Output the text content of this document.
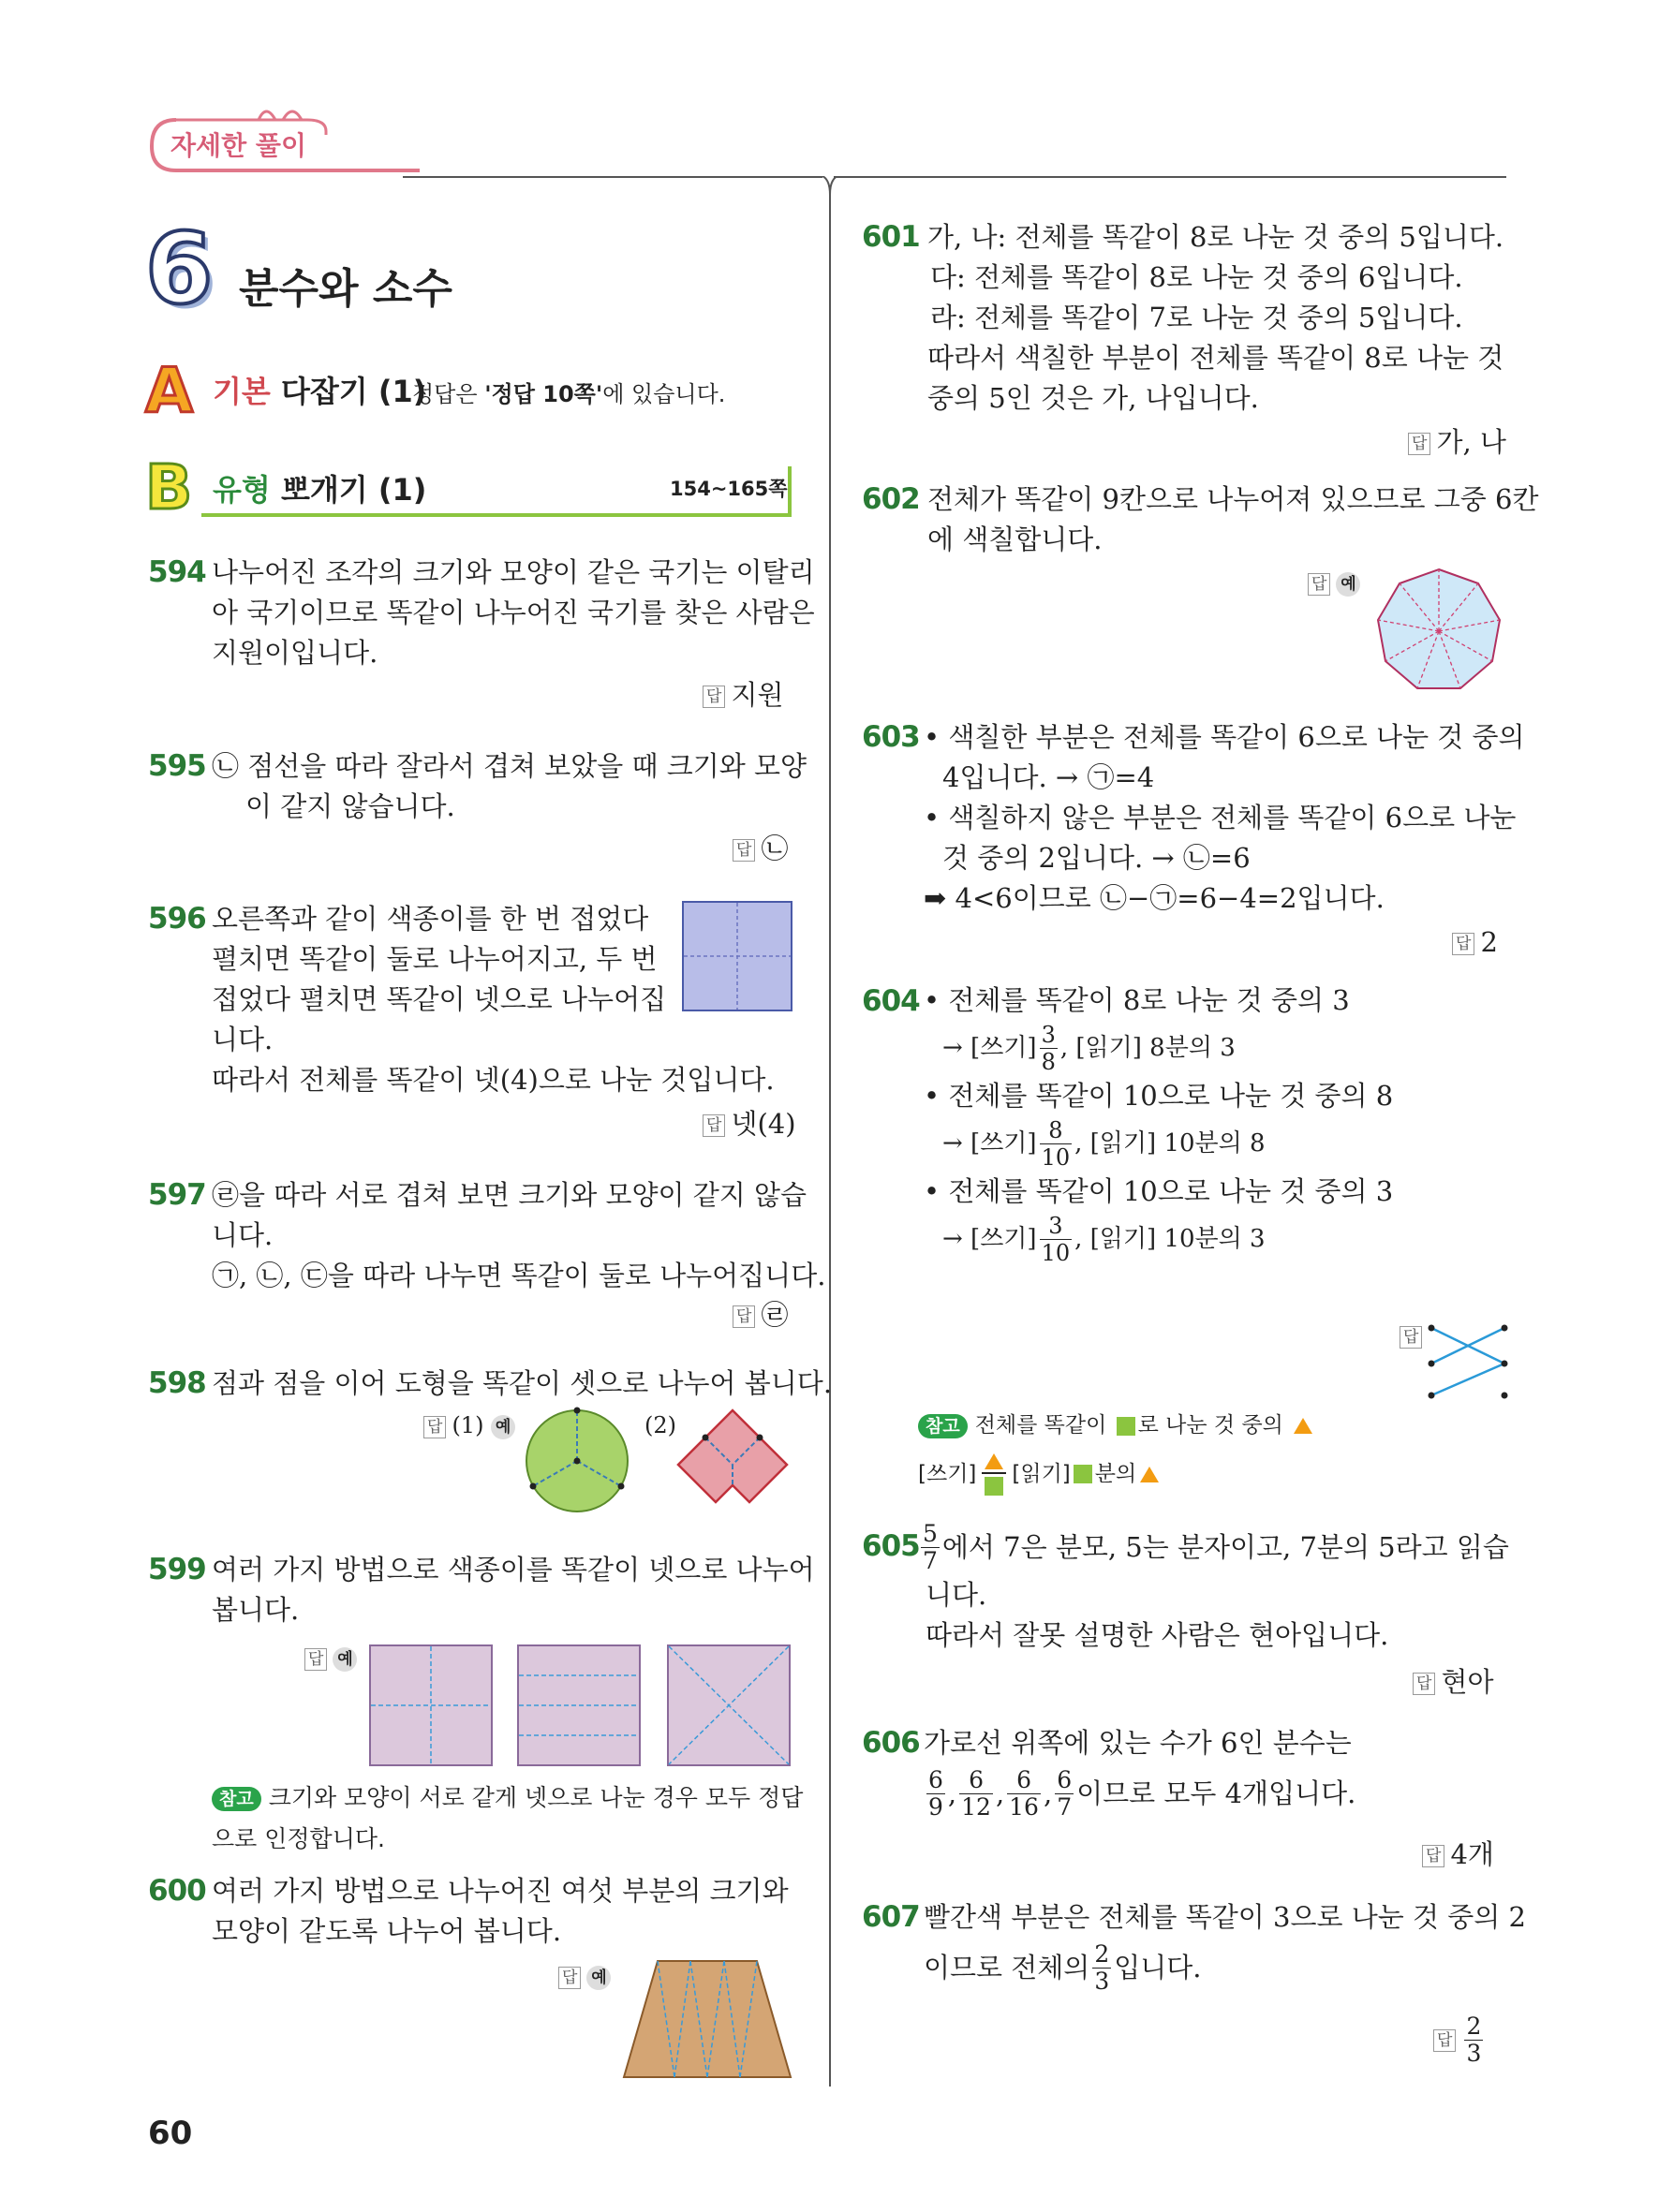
자세한 풀이
6 분수와 소수
A 기본 다잡기 (1)
정답은 '정답 10쪽'에 있습니다.
B 유형 뽀개기 (1)	154~165쪽
594 나누어진 조각의 크기와 모양이 같은 국기는 이탈리
아 국기이므로 똑같이 나누어진 국기를 찾은 사람은
지원이입니다.
답 지원
595 ㉡ 점선을 따라 잘라서 겹쳐 보았을 때 크기와 모양
이 같지 않습니다.
답 ㉡
596 오른쪽과 같이 색종이를 한 번 접었다
펼치면 똑같이 둘로 나누어지고, 두 번
접었다 펼치면 똑같이 넷으로 나누어집
니다.
따라서 전체를 똑같이 넷(4)으로 나눈 것입니다.
답 넷(4)
597 ㉣을 따라 서로 겹쳐 보면 크기와 모양이 같지 않습
니다.
㉠, ㉡, ㉢을 따라 나누면 똑같이 둘로 나누어집니다.
답 ㉣
598 점과 점을 이어 도형을 똑같이 셋으로 나누어 봅니다.
답 (1) 예	(2)
599 여러 가지 방법으로 색종이를 똑같이 넷으로 나누어
봅니다.
답 예
참고 크기와 모양이 서로 같게 넷으로 나눈 경우 모두 정답
으로 인정합니다.
600 여러 가지 방법으로 나누어진 여섯 부분의 크기와
모양이 같도록 나누어 봅니다.
답 예
60
601 가, 나: 전체를 똑같이 8로 나눈 것 중의 5입니다.
다: 전체를 똑같이 8로 나눈 것 중의 6입니다.
라: 전체를 똑같이 7로 나눈 것 중의 5입니다.
따라서 색칠한 부분이 전체를 똑같이 8로 나눈 것
중의 5인 것은 가, 나입니다.
답 가, 나
602 전체가 똑같이 9칸으로 나누어져 있으므로 그중 6칸
에 색칠합니다.
답 예
603 • 색칠한 부분은 전체를 똑같이 6으로 나눈 것 중의
4입니다. → ㉠=4
• 색칠하지 않은 부분은 전체를 똑같이 6으로 나눈
것 중의 2입니다. → ㉡=6
➡ 4<6이므로 ㉡−㉠=6−4=2입니다.
답 2
604 • 전체를 똑같이 8로 나눈 것 중의 3
→ [쓰기] $\frac{3}{8}$ , [읽기] 8분의 3
• 전체를 똑같이 10으로 나눈 것 중의 8
→ [쓰기] $\frac{8}{10}$ , [읽기] 10분의 8
• 전체를 똑같이 10으로 나눈 것 중의 3
→ [쓰기] $\frac{3}{10}$ , [읽기] 10분의 3
답
참고 전체를 똑같이 로 나눈 것 중의
[쓰기] [읽기] 분의
$605 \frac{5}{7}$ 에서 7은 분모, 5는 분자이고, 7분의 5라고 읽습
니다.
따라서 잘못 설명한 사람은 현아입니다.
답 현아
606 가로선 위쪽에 있는 수가 6인 분수는
$\frac{6}{9}$ , $\frac{6}{12}$ , $\frac{6}{16}$ , $\frac{6}{7}$ 이므로 모두 4개입니다.
답 4개
607 빨간색 부분은 전체를 똑같이 3으로 나눈 것 중의 2
이므로 전체의 $\frac{2}{3}$ 입니다.
답 $\frac{2}{3}$
